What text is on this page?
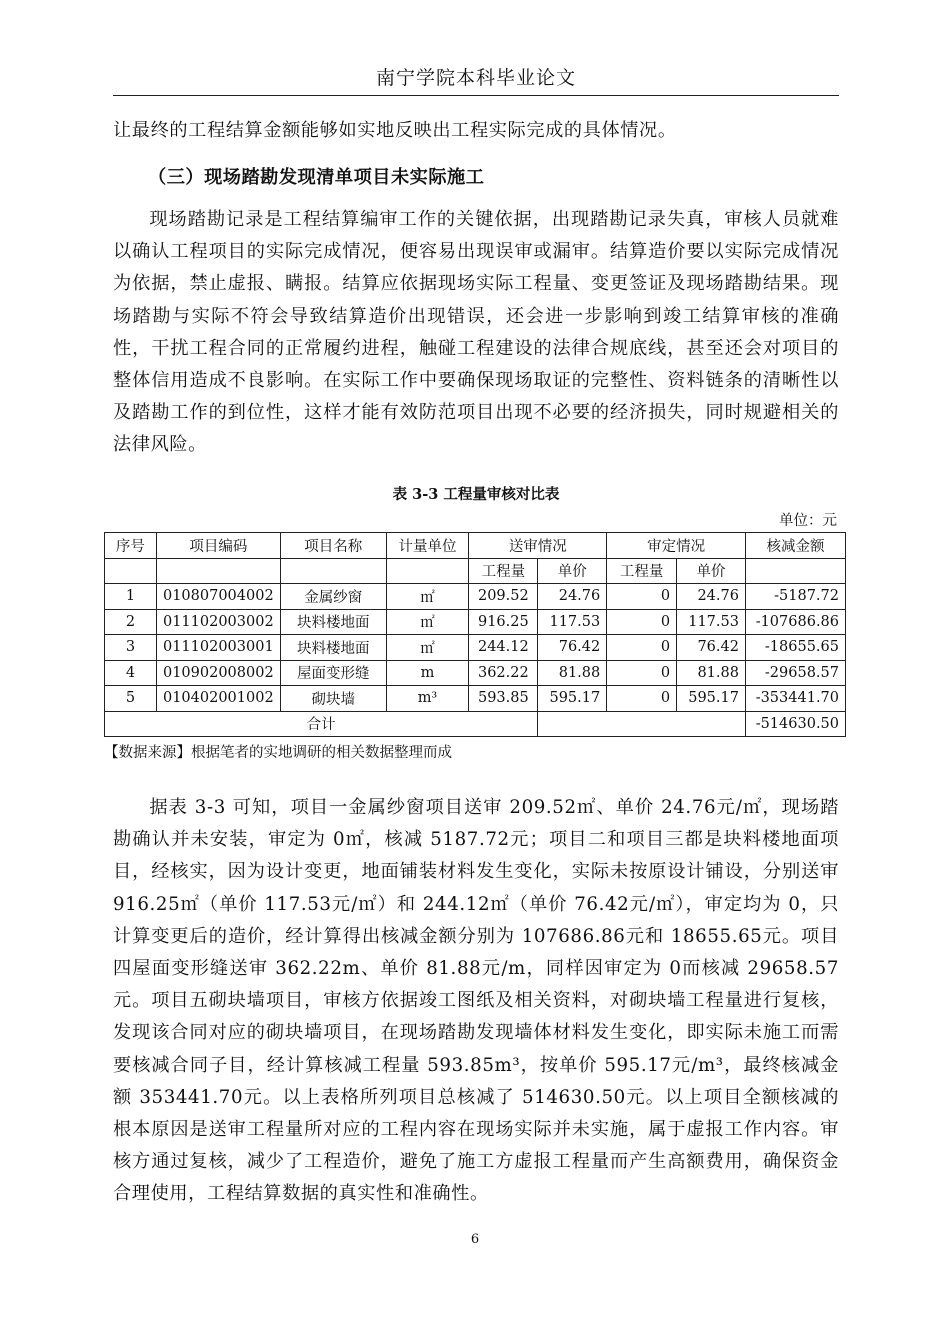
南宁学院本科毕业论文

让最终的工程结算金额能够如实地反映出工程实际完成的具体情况。

（三）现场踏勘发现清单项目未实际施工

现场踏勘记录是工程结算编审工作的关键依据，出现踏勘记录失真，审核人员就难以确认工程项目的实际完成情况，便容易出现误审或漏审。结算造价要以实际完成情况为依据，禁止虚报、瞒报。结算应依据现场实际工程量、变更签证及现场踏勘结果。现场踏勘与实际不符会导致结算造价出现错误，还会进一步影响到竣工结算审核的准确性，干扰工程合同的正常履约进程，触碰工程建设的法律合规底线，甚至还会对项目的整体信用造成不良影响。在实际工作中要确保现场取证的完整性、资料链条的清晰性以及踏勘工作的到位性，这样才能有效防范项目出现不必要的经济损失，同时规避相关的法律风险。

表 3-3 工程量审核对比表
单位：元
序号	项目编码	项目名称	计量单位	送审情况		审定情况		核减金额
				工程量	单价	工程量	单价	
1	010807004002	金属纱窗	㎡	209.52	24.76	0	24.76	-5187.72
2	011102003002	块料楼地面	㎡	916.25	117.53	0	117.53	-107686.86
3	011102003001	块料楼地面	㎡	244.12	76.42	0	76.42	-18655.65
4	010902008002	屋面变形缝	m	362.22	81.88	0	81.88	-29658.57
5	010402001002	砌块墙	m³	593.85	595.17	0	595.17	-353441.70
合计								-514630.50
【数据来源】根据笔者的实地调研的相关数据整理而成

据表 3-3 可知，项目一金属纱窗项目送审 209.52㎡、单价 24.76元/㎡，现场踏勘确认并未安装，审定为 0㎡，核减 5187.72元；项目二和项目三都是块料楼地面项目，经核实，因为设计变更，地面铺装材料发生变化，实际未按原设计铺设，分别送审 916.25㎡（单价 117.53元/㎡）和 244.12㎡（单价 76.42元/㎡），审定均为 0，只计算变更后的造价，经计算得出核减金额分别为 107686.86元和 18655.65元。项目四屋面变形缝送审 362.22m、单价 81.88元/m，同样因审定为 0而核减 29658.57元。项目五砌块墙项目，审核方依据竣工图纸及相关资料，对砌块墙工程量进行复核，发现该合同对应的砌块墙项目，在现场踏勘发现墙体材料发生变化，即实际未施工而需要核减合同子目，经计算核减工程量 593.85m³，按单价 595.17元/m³，最终核减金额 353441.70元。以上表格所列项目总核减了 514630.50元。以上项目全额核减的根本原因是送审工程量所对应的工程内容在现场实际并未实施，属于虚报工作内容。审核方通过复核，减少了工程造价，避免了施工方虚报工程量而产生高额费用，确保资金合理使用，工程结算数据的真实性和准确性。

6
